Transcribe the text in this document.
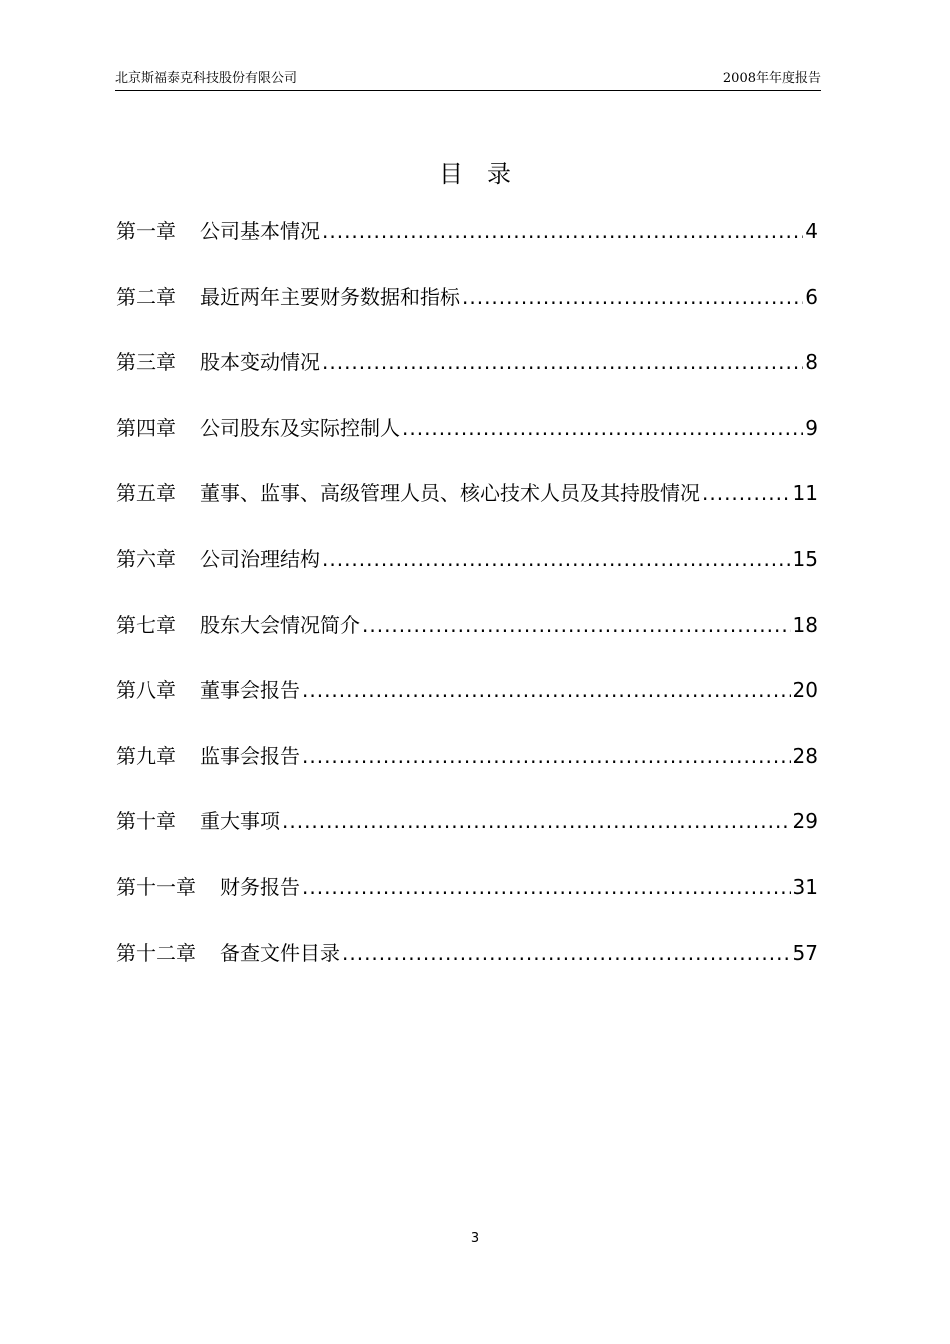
北京斯福泰克科技股份有限公司	2008年年度报告
目录
第一章 公司基本情况 .....	4
第二章 最近两年主要财务数据和指标 .....	6
第三章 股本变动情况 .....	8
第四章 公司股东及实际控制人 .....	9
第五章 董事、监事、高级管理人员、核心技术人员及其持股情况 .....	11
第六章 公司治理结构 .....	15
第七章 股东大会情况简介 .....	18
第八章 董事会报告 .....	20
第九章 监事会报告 .....	28
第十章 重大事项 .....	29
第十一章 财务报告 .....	31
第十二章 备查文件目录 .....	57
3
